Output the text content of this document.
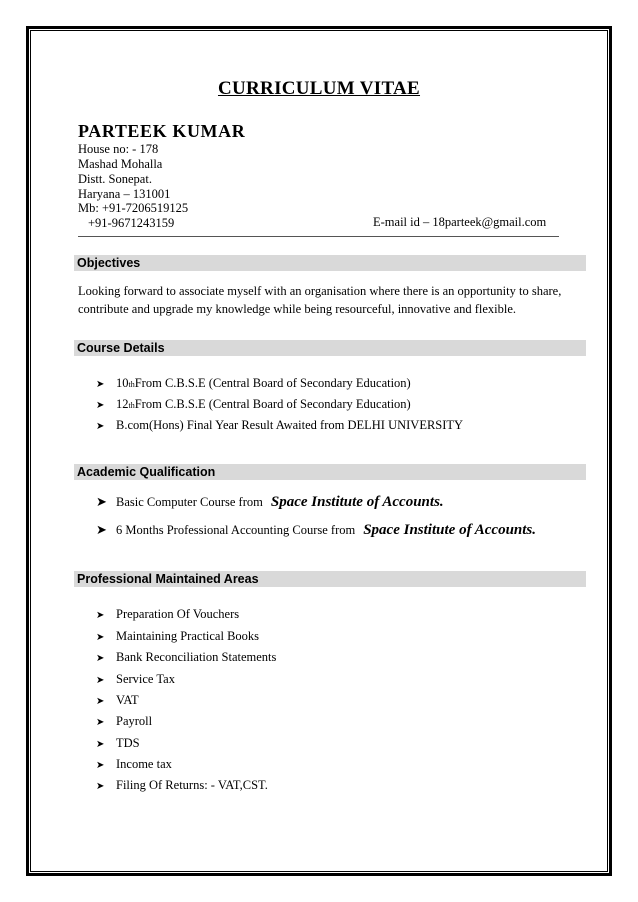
CURRICULUM VITAE
PARTEEK KUMAR
House no: - 178
Mashad Mohalla
Distt. Sonepat.
Haryana – 131001
Mb: +91-7206519125
+91-9671243159	E-mail id – 18parteek@gmail.com
Objectives
Looking forward to associate myself with an organisation where there is an opportunity to share, contribute and upgrade my knowledge while being resourceful, innovative and flexible.
Course Details
➤ 10 th From C.B.S.E (Central Board of Secondary Education)
➤ 12 th From C.B.S.E (Central Board of Secondary Education)
➤ B.com(Hons) Final Year Result Awaited from DELHI UNIVERSITY
Academic Qualification
➤ Basic Computer Course from Space Institute of Accounts.
➤ 6 Months Professional Accounting Course from Space Institute of Accounts.
Professional Maintained Areas
➤ Preparation Of Vouchers
➤ Maintaining Practical Books
➤ Bank Reconciliation Statements
➤ Service Tax
➤ VAT
➤ Payroll
➤ TDS
➤ Income tax
➤ Filing Of Returns: - VAT,CST.
